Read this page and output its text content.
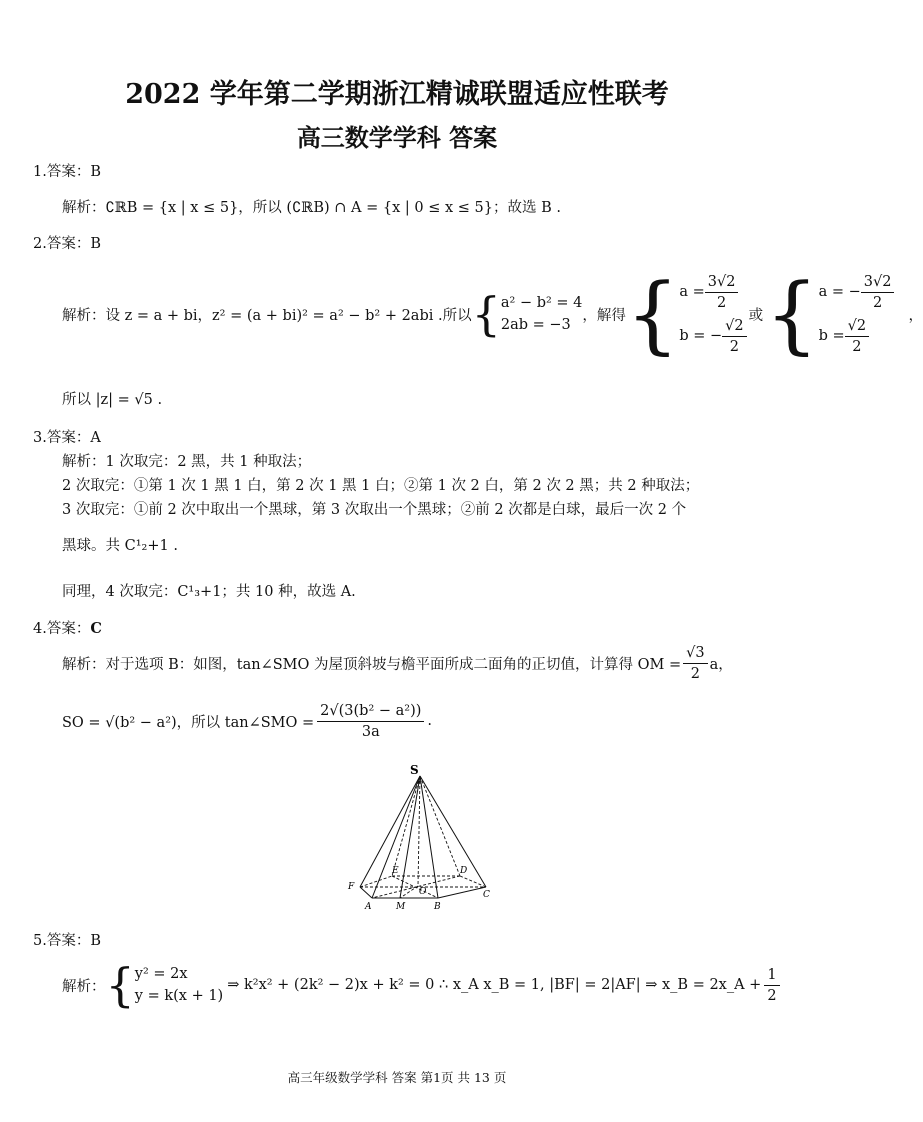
2022 学年第二学期浙江精诚联盟适应性联考
高三数学学科 答案
1.答案：B
解析：∁ℝB = {x | x ≤ 5}，所以 (∁ℝB) ∩ A = {x | 0 ≤ x ≤ 5}；故选 B .
2.答案：B
解析：设 z = a + bi，z² = (a + bi)² = a² − b² + 2abi .所以 { a² − b² = 4
2ab = −3
，解得 { $a = \frac{3√2}{2}$
b = − $\frac{√2}{2}$ 或 { a = − $\frac{3√2}{2}$
$b = \frac{√2}{2}$	，
所以 |z| = √5 .
3.答案：A
解析：1 次取完：2 黑，共 1 种取法；
2 次取完：①第 1 次 1 黑 1 白，第 2 次 1 黑 1 白；②第 1 次 2 白，第 2 次 2 黑；共 2 种取法；
3 次取完：①前 2 次中取出一个黑球，第 3 次取出一个黑球；②前 2 次都是白球，最后一次 2 个
黑球。共 C¹₂+1 .
同理，4 次取完：C¹₃+1；共 10 种，故选 A.
4.答案：C
解析：对于选项 B：如图，tan∠SMO 为屋顶斜坡与檐平面所成二面角的正切值，计算得 OM = $\frac{√3}{2}$ a，
SO = √(b² − a²)，所以 tan∠SMO = $\frac{\text{2√(3(b² − a²))}}{3a}$ .
S
E	D
F	O	C
A	M	B
5.答案：B
解析： { y² = 2x
y = k(x + 1)
⇒ k²x² + (2k² − 2)x + k² = 0 ∴ x_A x_B = 1, |BF| = 2|AF| ⇒ x_B = 2x_A + $\frac{1}{2}$
高三年级数学学科 答案 第1页 共 13 页
